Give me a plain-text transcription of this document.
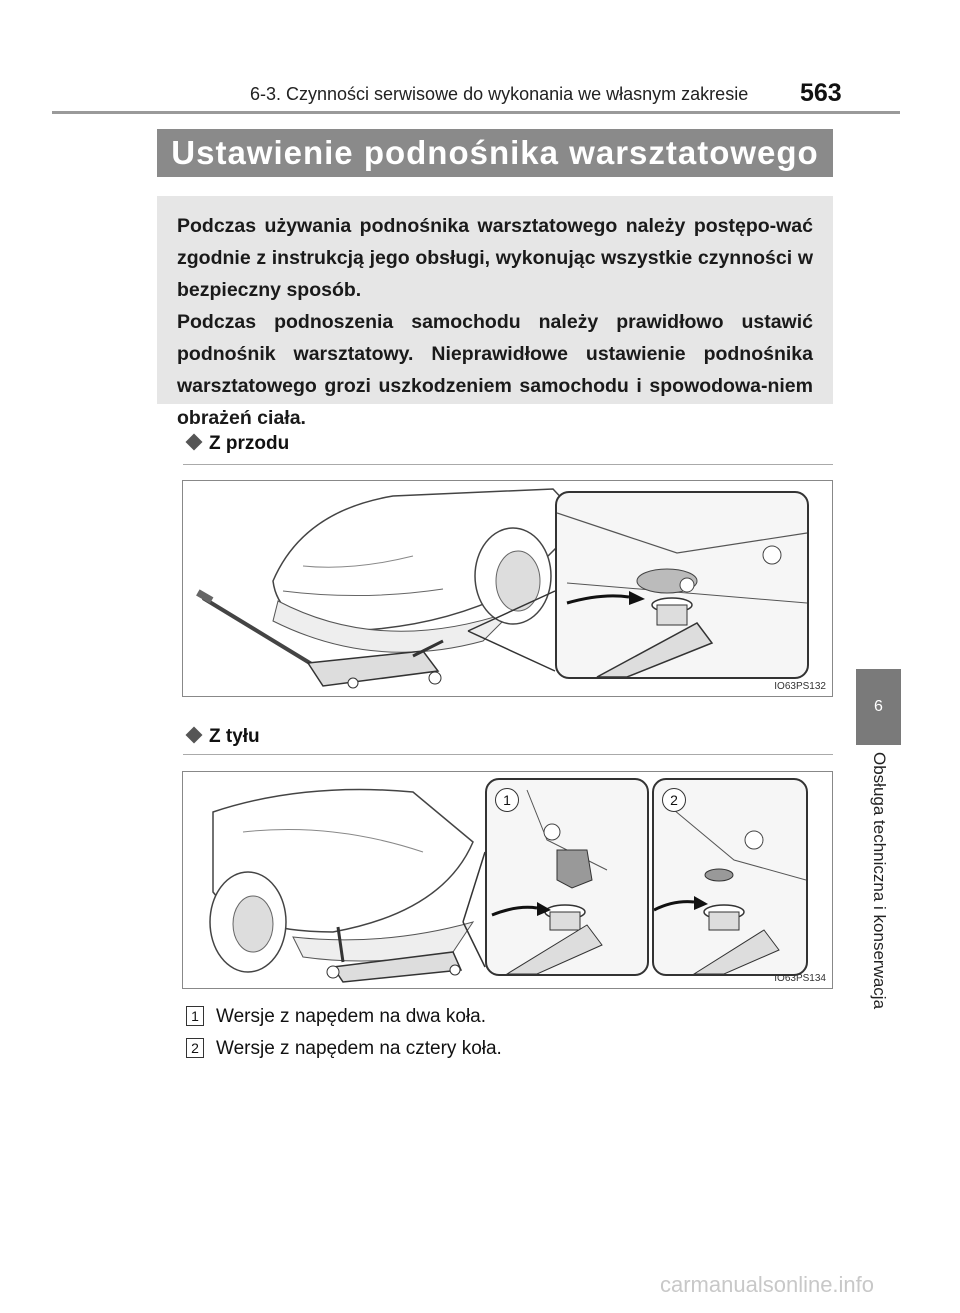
6-3. Czynności serwisowe do wykonania we własnym zakresie 563
Ustawienie podnośnika warsztatowego

Podczas używania podnośnika warsztatowego należy postępo-wać zgodnie z instrukcją jego obsługi, wykonując wszystkie czynności w bezpieczny sposób.

Podczas podnoszenia samochodu należy prawidłowo ustawić podnośnik warsztatowy. Nieprawidłowe ustawienie podnośnika warsztatowego grozi uszkodzeniem samochodu i spowodowa-niem obrażeń ciała.

Z przodu
IO63PS132
Z tyłu
1	2
IO63PS134
1 Wersje z napędem na dwa koła.
2 Wersje z napędem na cztery koła.
6
Obsługa techniczna i konserwacja
carmanualsonline.info
